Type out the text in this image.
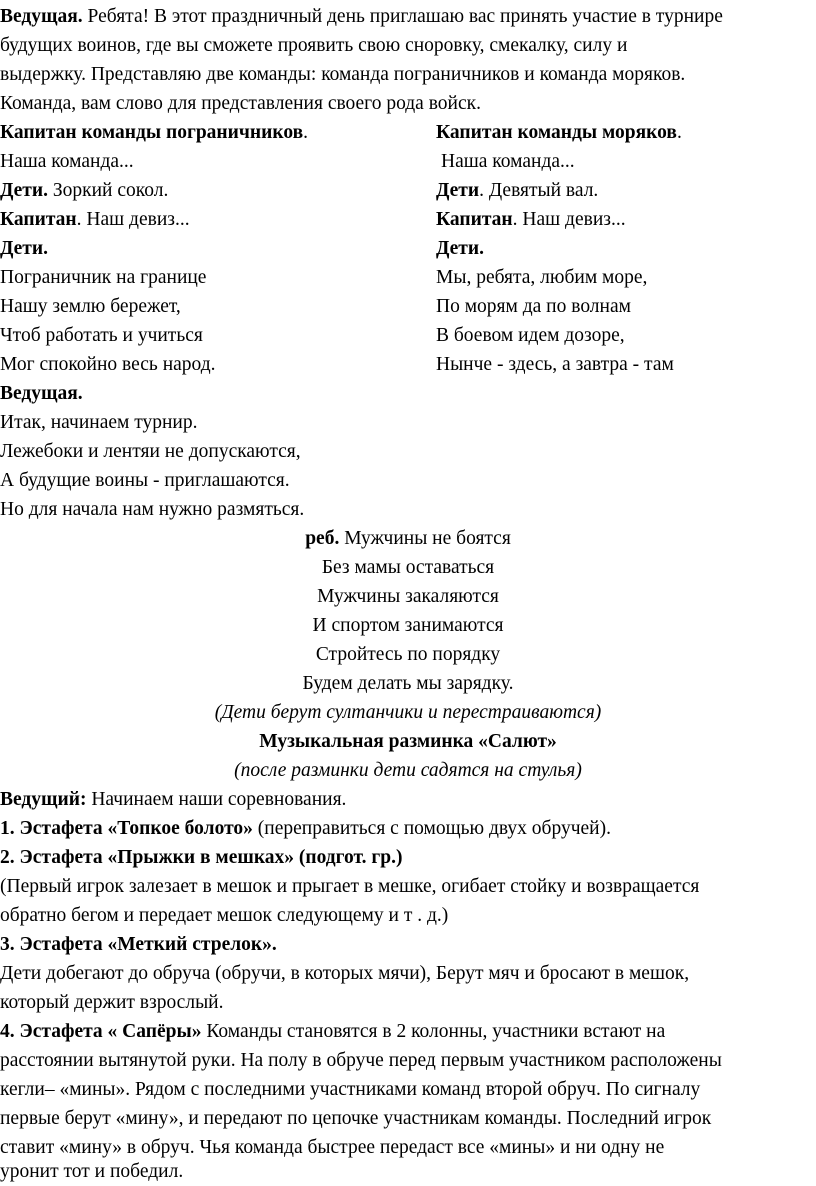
Ведущая. Ребята! В этот праздничный день приглашаю вас принять участие в турнире
будущих воинов, где вы сможете проявить свою сноровку, смекалку, силу и
выдержку. Представляю две команды: команда пограничников и команда моряков.
Команда, вам слово для представления своего рода войск.
Капитан команды пограничников.
Наша команда...
Дети. Зоркий сокол.
Капитан. Наш девиз...
Дети.
Пограничник на границе
Нашу землю бережет,
Чтоб работать и учиться
Мог спокойно весь народ.
Капитан команды моряков.
Наша команда...
Дети. Девятый вал.
Капитан. Наш девиз...
Дети.
Мы, ребята, любим море,
По морям да по волнам
В боевом идем дозоре,
Нынче - здесь, а завтра - там
Ведущая.
Итак, начинаем турнир.
Лежебоки и лентяи не допускаются,
А будущие воины - приглашаются.
Но для начала нам нужно размяться.
реб. Мужчины не боятся
Без мамы оставаться
Мужчины закаляются
И спортом занимаются
Стройтесь по порядку
Будем делать мы зарядку.
(Дети берут султанчики и перестраиваются)
Музыкальная разминка «Салют»
(после разминки дети садятся на стулья)
Ведущий: Начинаем наши соревнования.
1. Эстафета «Топкое болото» (переправиться с помощью двух обручей).
2. Эстафета «Прыжки в мешках» (подгот. гр.)
(Первый игрок залезает в мешок и прыгает в мешке, огибает стойку и возвращается
обратно бегом и передает мешок следующему и т . д.)
3. Эстафета «Меткий стрелок».
Дети добегают до обруча (обручи, в которых мячи), Берут мяч и бросают в мешок,
который держит взрослый.
4. Эстафета « Сапёры» Команды становятся в 2 колонны, участники встают на
расстоянии вытянутой руки. На полу в обруче перед первым участником расположены
кегли– «мины». Рядом с последними участниками команд второй обруч. По сигналу
первые берут «мину», и передают по цепочке участникам команды. Последний игрок
ставит «мину» в обруч. Чья команда быстрее передаст все «мины» и ни одну не
уронит тот и победил.
